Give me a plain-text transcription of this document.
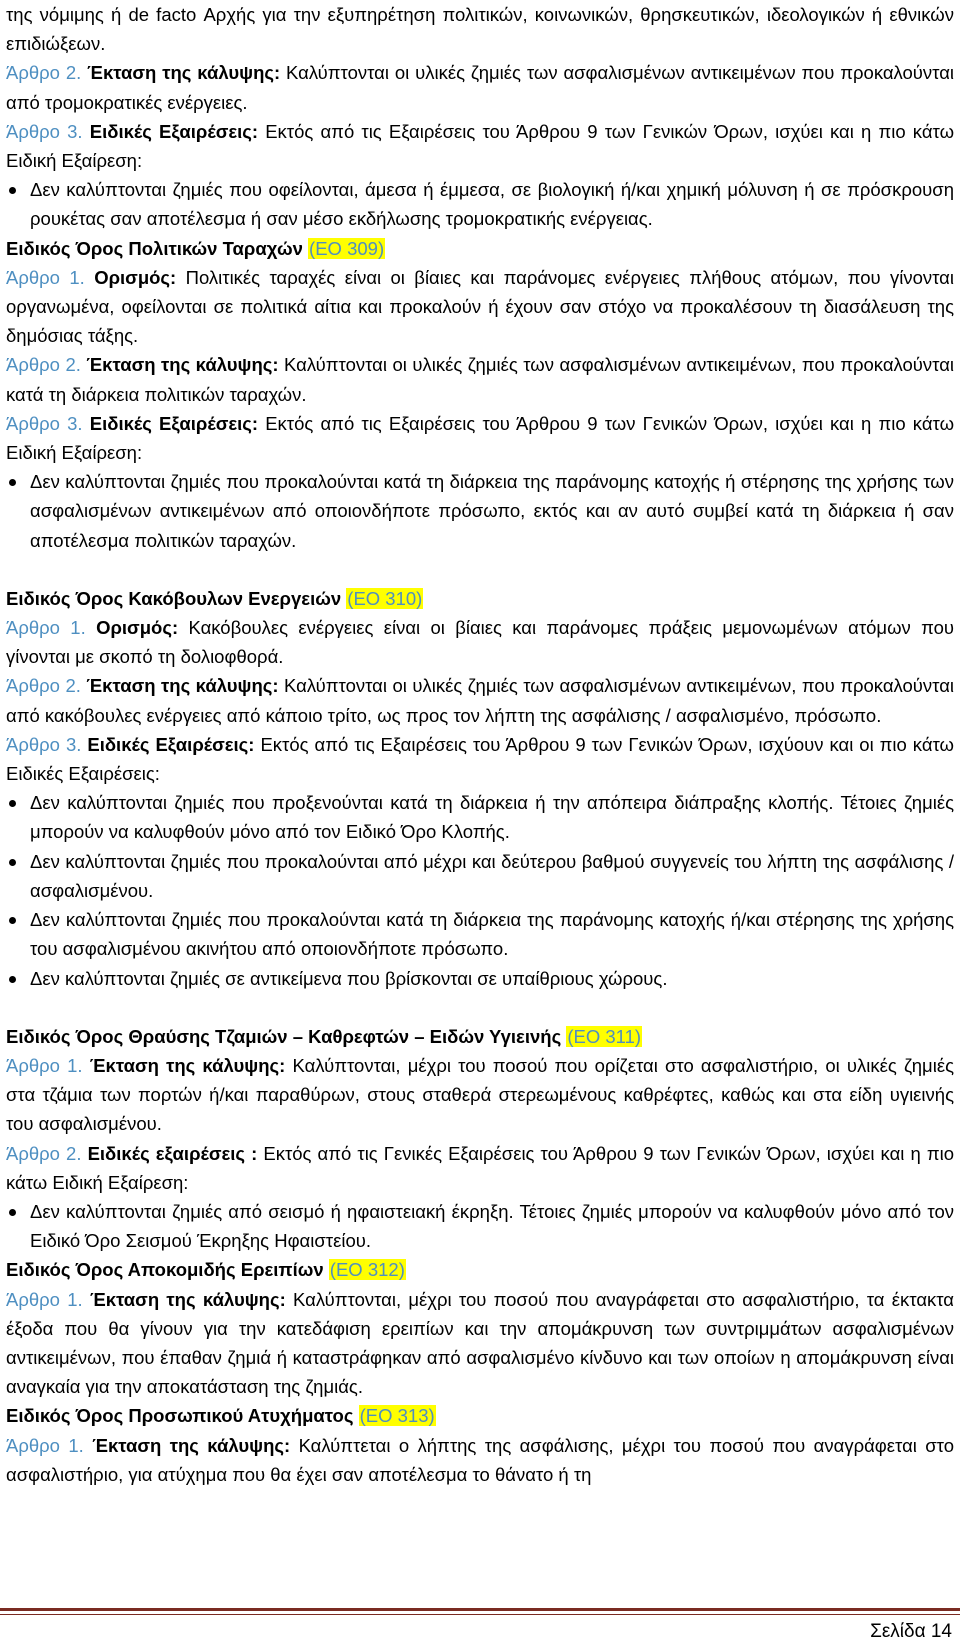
της νόμιμης ή de facto Αρχής για την εξυπηρέτηση πολιτικών, κοινωνικών, θρησκευτικών, ιδεολογικών ή εθνικών επιδιώξεων.

Άρθρο 2. Έκταση της κάλυψης: Καλύπτονται οι υλικές ζημιές των ασφαλισμένων αντικειμένων που προκαλούνται από τρομοκρατικές ενέργειες.

Άρθρο 3. Ειδικές Εξαιρέσεις: Εκτός από τις Εξαιρέσεις του Άρθρου 9 των Γενικών Όρων, ισχύει και η πιο κάτω Ειδική Εξαίρεση:

Δεν καλύπτονται ζημιές που οφείλονται, άμεσα ή έμμεσα, σε βιολογική ή/και χημική μόλυνση ή σε πρόσκρουση ρουκέτας σαν αποτέλεσμα ή σαν μέσο εκδήλωσης τρομοκρατικής ενέργειας.

Ειδικός Όρος Πολιτικών Ταραχών (ΕΟ 309)

Άρθρο 1. Ορισμός: Πολιτικές ταραχές είναι οι βίαιες και παράνομες ενέργειες πλήθους ατόμων, που γίνονται οργανωμένα, οφείλονται σε πολιτικά αίτια και προκαλούν ή έχουν σαν στόχο να προκαλέσουν τη διασάλευση της δημόσιας τάξης.

Άρθρο 2. Έκταση της κάλυψης: Καλύπτονται οι υλικές ζημιές των ασφαλισμένων αντικειμένων, που προκαλούνται κατά τη διάρκεια πολιτικών ταραχών.

Άρθρο 3. Ειδικές Εξαιρέσεις: Εκτός από τις Εξαιρέσεις του Άρθρου 9 των Γενικών Όρων, ισχύει και η πιο κάτω Ειδική Εξαίρεση:

Δεν καλύπτονται ζημιές που προκαλούνται κατά τη διάρκεια της παράνομης κατοχής ή στέρησης της χρήσης των ασφαλισμένων αντικειμένων από οποιονδήποτε πρόσωπο, εκτός και αν αυτό συμβεί κατά τη διάρκεια ή σαν αποτέλεσμα πολιτικών ταραχών.

Ειδικός Όρος Κακόβουλων Ενεργειών (ΕΟ 310)

Άρθρο 1. Ορισμός: Κακόβουλες ενέργειες είναι οι βίαιες και παράνομες πράξεις μεμονωμένων ατόμων που γίνονται με σκοπό τη δολιοφθορά.

Άρθρο 2. Έκταση της κάλυψης: Καλύπτονται οι υλικές ζημιές των ασφαλισμένων αντικειμένων, που προκαλούνται από κακόβουλες ενέργειες από κάποιο τρίτο, ως προς τον λήπτη της ασφάλισης / ασφαλισμένο, πρόσωπο.

Άρθρο 3. Ειδικές Εξαιρέσεις: Εκτός από τις Εξαιρέσεις του Άρθρου 9 των Γενικών Όρων, ισχύουν και οι πιο κάτω Ειδικές Εξαιρέσεις:

Δεν καλύπτονται ζημιές που προξενούνται κατά τη διάρκεια ή την απόπειρα διάπραξης κλοπής. Τέτοιες ζημιές μπορούν να καλυφθούν μόνο από τον Ειδικό Όρο Κλοπής.
Δεν καλύπτονται ζημιές που προκαλούνται από μέχρι και δεύτερου βαθμού συγγενείς του λήπτη της ασφάλισης / ασφαλισμένου.
Δεν καλύπτονται ζημιές που προκαλούνται κατά τη διάρκεια της παράνομης κατοχής ή/και στέρησης της χρήσης του ασφαλισμένου ακινήτου από οποιονδήποτε πρόσωπο.
Δεν καλύπτονται ζημιές σε αντικείμενα που βρίσκονται σε υπαίθριους χώρους.

Ειδικός Όρος Θραύσης Τζαμιών – Καθρεφτών – Ειδών Υγιεινής (ΕΟ 311)

Άρθρο 1. Έκταση της κάλυψης: Καλύπτονται, μέχρι του ποσού που ορίζεται στο ασφαλιστήριο, οι υλικές ζημιές στα τζάμια των πορτών ή/και παραθύρων, στους σταθερά στερεωμένους καθρέφτες, καθώς και στα είδη υγιεινής του ασφαλισμένου.

Άρθρο 2. Ειδικές εξαιρέσεις : Εκτός από τις Γενικές Εξαιρέσεις του Άρθρου 9 των Γενικών Όρων, ισχύει και η πιο κάτω Ειδική Εξαίρεση:

Δεν καλύπτονται ζημιές από σεισμό ή ηφαιστειακή έκρηξη. Τέτοιες ζημιές μπορούν να καλυφθούν μόνο από τον Ειδικό Όρο Σεισμού Έκρηξης Ηφαιστείου.

Ειδικός Όρος Αποκομιδής Ερειπίων (ΕΟ 312)

Άρθρο 1. Έκταση της κάλυψης: Καλύπτονται, μέχρι του ποσού που αναγράφεται στο ασφαλιστήριο, τα έκτακτα έξοδα που θα γίνουν για την κατεδάφιση ερειπίων και την απομάκρυνση των συντριμμάτων ασφαλισμένων αντικειμένων, που έπαθαν ζημιά ή καταστράφηκαν από ασφαλισμένο κίνδυνο και των οποίων η απομάκρυνση είναι αναγκαία για την αποκατάσταση της ζημιάς.

Ειδικός Όρος Προσωπικού Ατυχήματος (ΕΟ 313)

Άρθρο 1. Έκταση της κάλυψης: Καλύπτεται ο λήπτης της ασφάλισης, μέχρι του ποσού που αναγράφεται στο ασφαλιστήριο, για ατύχημα που θα έχει σαν αποτέλεσμα το θάνατο ή τη

Σελίδα 14
